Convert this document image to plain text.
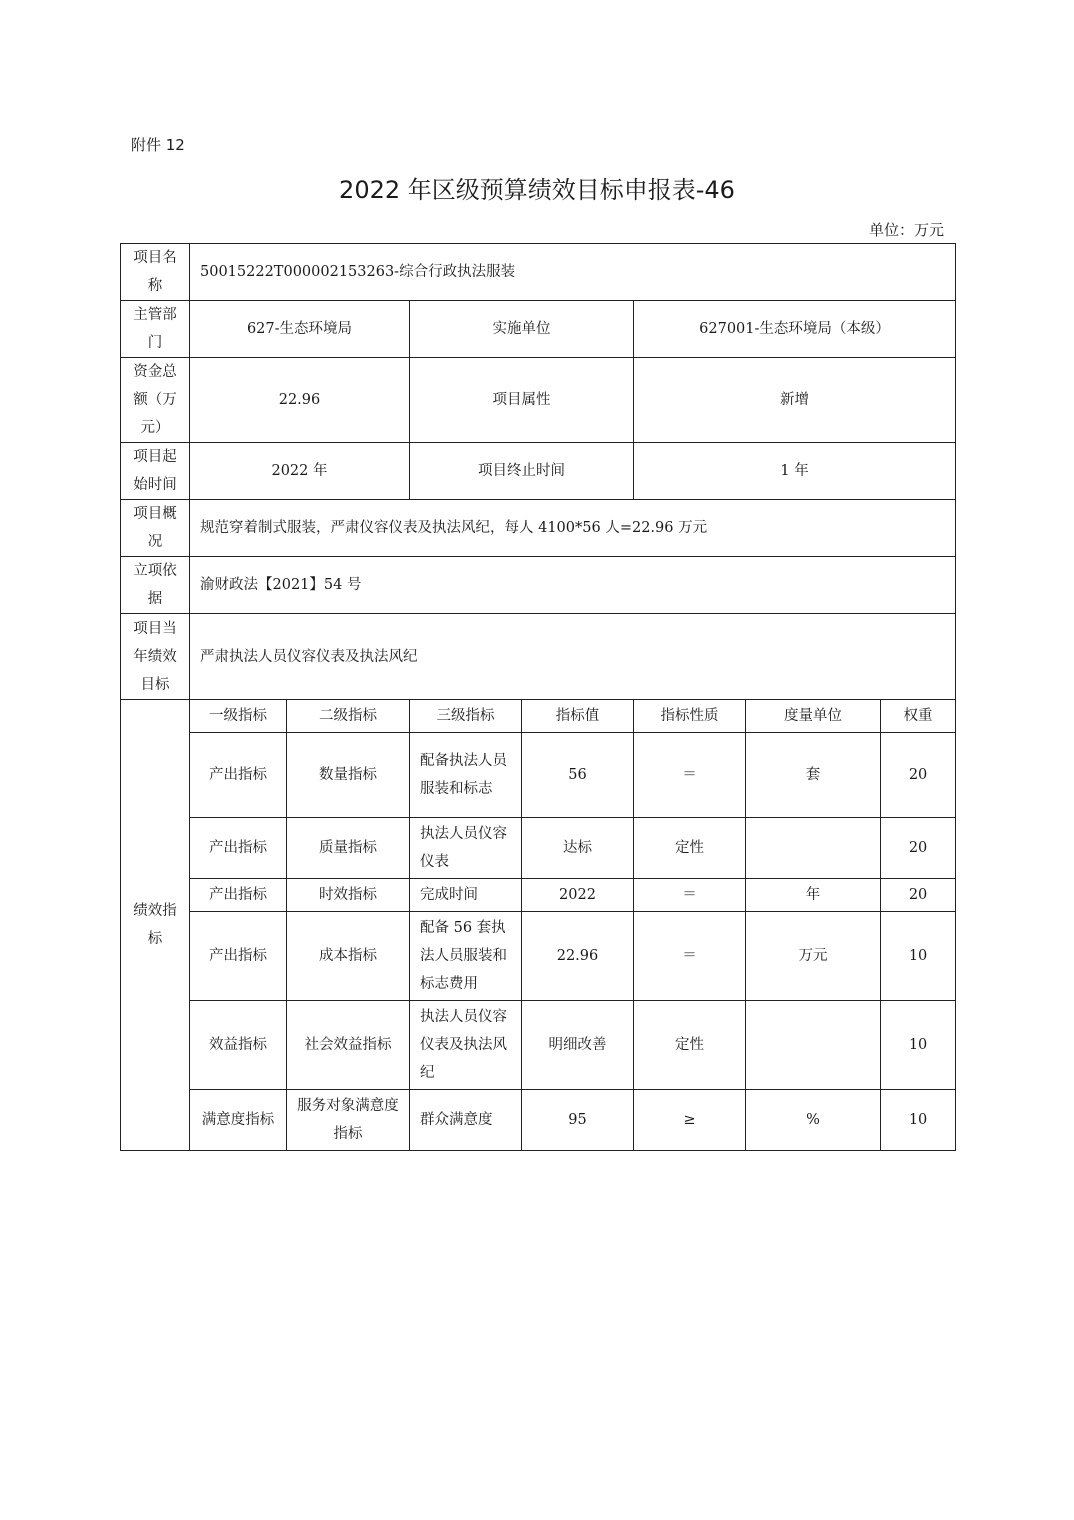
附件 12
2022 年区级预算绩效目标申报表-46
单位：万元
项目名称	50015222T000002153263-综合行政执法服装						
主管部门	627-生态环境局		实施单位		627001-生态环境局（本级）		
资金总额（万元）	22.96		项目属性		新增		
项目起始时间	2022 年		项目终止时间		1 年		
项目概况	规范穿着制式服装，严肃仪容仪表及执法风纪，每人 4100*56 人=22.96 万元						
立项依据	渝财政法【2021】54 号						
项目当年绩效目标	严肃执法人员仪容仪表及执法风纪						
绩效指标	一级指标	二级指标	三级指标	指标值	指标性质	度量单位	权重
	产出指标	数量指标	配备执法人员服装和标志	56	＝	套	20
	产出指标	质量指标	执法人员仪容仪表	达标	定性		20
	产出指标	时效指标	完成时间	2022	＝	年	20
	产出指标	成本指标	配备 56 套执法人员服装和标志费用	22.96	＝	万元	10
	效益指标	社会效益指标	执法人员仪容仪表及执法风纪	明细改善	定性		10
	满意度指标	服务对象满意度指标	群众满意度	95	≥	%	10
